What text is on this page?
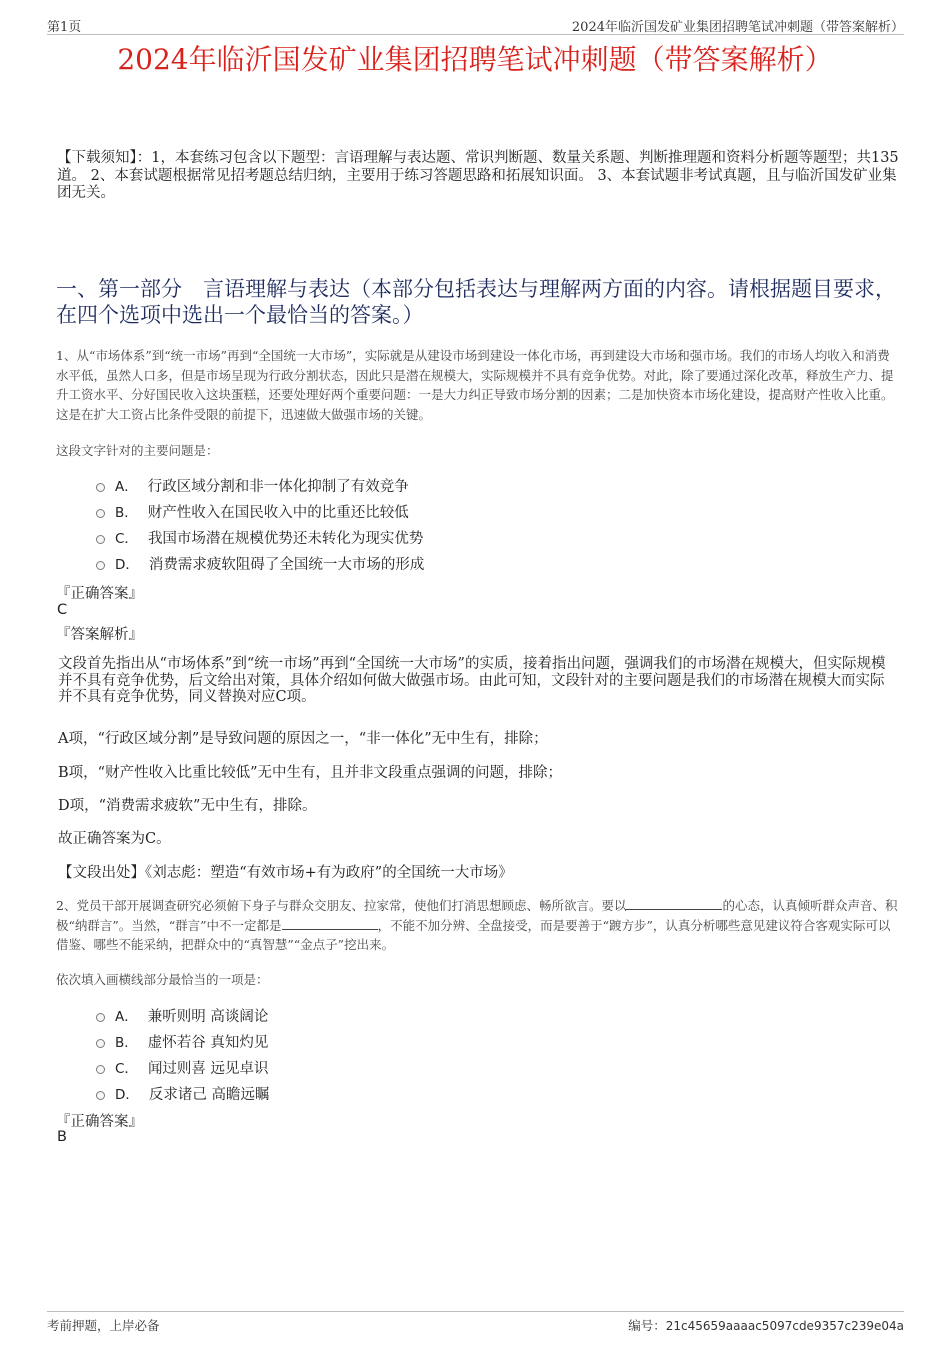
第1页	2024年临沂国发矿业集团招聘笔试冲刺题（带答案解析）
2024年临沂国发矿业集团招聘笔试冲刺题（带答案解析）
【下载须知】：1，本套练习包含以下题型：言语理解与表达题、常识判断题、数量关系题、判断推理题和资料分析题等题型；共135道。 2、本套试题根据常见招考题总结归纳，主要用于练习答题思路和拓展知识面。 3、本套试题非考试真题，且与临沂国发矿业集团无关。
一、第一部分　言语理解与表达（本部分包括表达与理解两方面的内容。请根据题目要求，在四个选项中选出一个最恰当的答案。）
1、从“市场体系”到“统一市场”再到“全国统一大市场”，实际就是从建设市场到建设一体化市场，再到建设大市场和强市场。我们的市场人均收入和消费水平低，虽然人口多，但是市场呈现为行政分割状态，因此只是潜在规模大，实际规模并不具有竞争优势。对此，除了要通过深化改革，释放生产力、提升工资水平、分好国民收入这块蛋糕，还要处理好两个重要问题：一是大力纠正导致市场分割的因素；二是加快资本市场化建设，提高财产性收入比重。这是在扩大工资占比条件受限的前提下，迅速做大做强市场的关键。
这段文字针对的主要问题是：
A． 行政区域分割和非一体化抑制了有效竞争
B． 财产性收入在国民收入中的比重还比较低
C． 我国市场潜在规模优势还未转化为现实优势
D． 消费需求疲软阻碍了全国统一大市场的形成
『正确答案』
C
『答案解析』
文段首先指出从“市场体系”到“统一市场”再到“全国统一大市场”的实质，接着指出问题，强调我们的市场潜在规模大，但实际规模并不具有竞争优势，后文给出对策，具体介绍如何做大做强市场。由此可知，文段针对的主要问题是我们的市场潜在规模大而实际并不具有竞争优势，同义替换对应C项。
A项，“行政区域分割”是导致问题的原因之一，“非一体化”无中生有，排除；
B项，“财产性收入比重比较低”无中生有，且并非文段重点强调的问题，排除；
D项，“消费需求疲软”无中生有，排除。
故正确答案为C。
【文段出处】《刘志彪：塑造“有效市场+有为政府”的全国统一大市场》
2、党员干部开展调查研究必须俯下身子与群众交朋友、拉家常，使他们打消思想顾虑、畅所欲言。要以	的心态，认真倾听群众声音、积极“纳群言”。当然，“群言”中不一定都是	，不能不加分辨、全盘接受，而是要善于“踱方步”，认真分析哪些意见建议符合客观实际可以借鉴、哪些不能采纳，把群众中的“真智慧”“金点子”挖出来。
依次填入画横线部分最恰当的一项是：
A． 兼听则明 高谈阔论
B． 虚怀若谷 真知灼见
C． 闻过则喜 远见卓识
D． 反求诸己 高瞻远瞩
『正确答案』
B
考前押题，上岸必备	编号：21c45659aaaac5097cde9357c239e04a
